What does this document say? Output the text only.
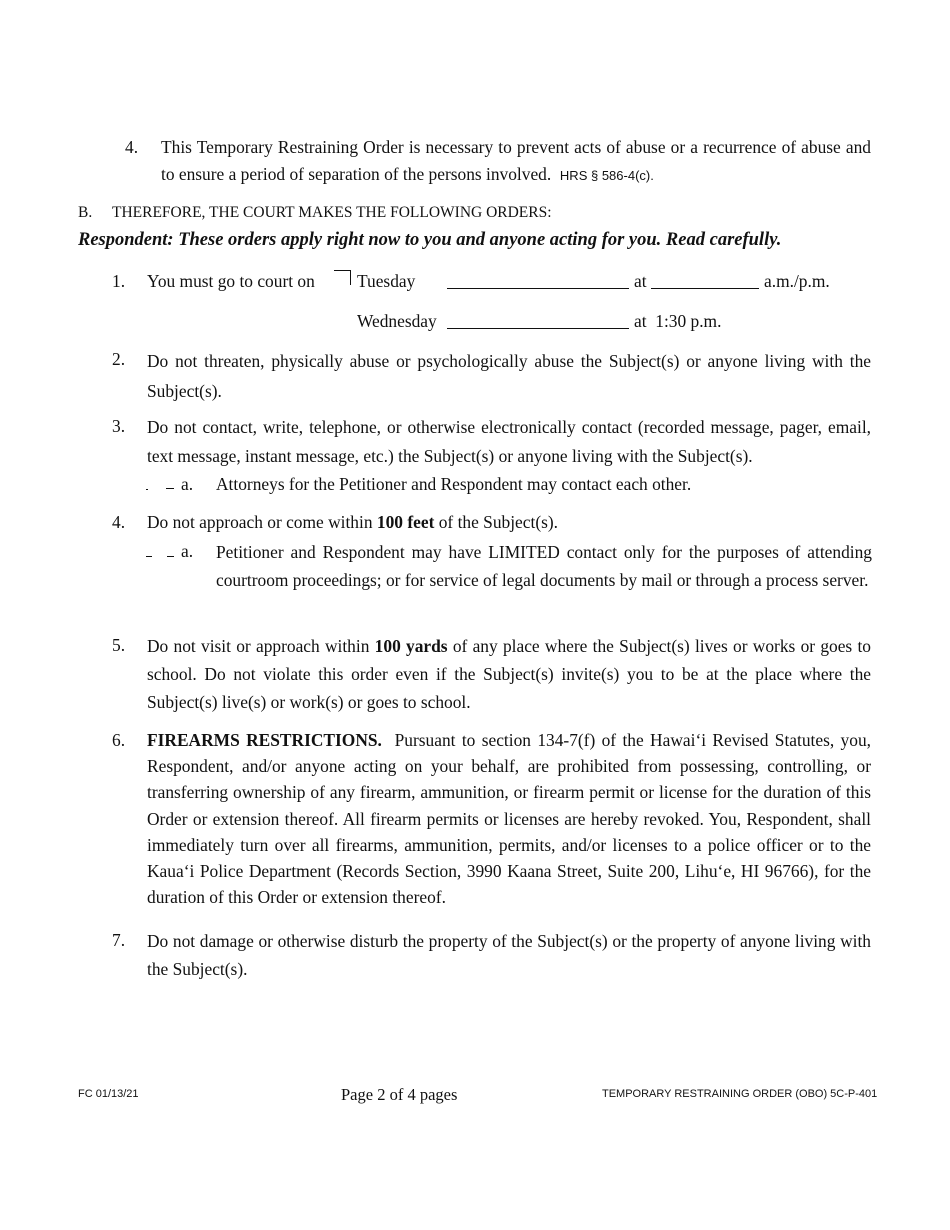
4. This Temporary Restraining Order is necessary to prevent acts of abuse or a recurrence of abuse and to ensure a period of separation of the persons involved. HRS § 586-4(c).

B. THEREFORE, THE COURT MAKES THE FOLLOWING ORDERS:
Respondent: These orders apply right now to you and anyone acting for you. Read carefully.
1. You must go to court on Tuesday	at	a.m./p.m.
Wednesday	at  1:30 p.m.
2. Do not threaten, physically abuse or psychologically abuse the Subject(s) or anyone living with the Subject(s).

3. Do not contact, write, telephone, or otherwise electronically contact (recorded message, pager, email, text message, instant message, etc.) the Subject(s) or anyone living with the Subject(s).

a. Attorneys for the Petitioner and Respondent may contact each other.
4. Do not approach or come within 100 feet of the Subject(s).

a. Petitioner and Respondent may have LIMITED contact only for the purposes of attending courtroom proceedings; or for service of legal documents by mail or through a process server.

5. Do not visit or approach within 100 yards of any place where the Subject(s) lives or works or goes to school. Do not violate this order even if the Subject(s) invite(s) you to be at the place where the Subject(s) live(s) or work(s) or goes to school.

6. FIREARMS RESTRICTIONS. Pursuant to section 134-7(f) of the Hawai‘i Revised Statutes, you, Respondent, and/or anyone acting on your behalf, are prohibited from possessing, controlling, or transferring ownership of any firearm, ammunition, or firearm permit or license for the duration of this Order or extension thereof. All firearm permits or licenses are hereby revoked. You, Respondent, shall immediately turn over all firearms, ammunition, permits, and/or licenses to a police officer or to the Kaua‘i Police Department (Records Section, 3990 Kaana Street, Suite 200, Lihu‘e, HI 96766), for the duration of this Order or extension thereof.

7. Do not damage or otherwise disturb the property of the Subject(s) or the property of anyone living with the Subject(s).

FC 01/13/21	Page 2 of 4 pages	TEMPORARY RESTRAINING ORDER (OBO) 5C-P-401
